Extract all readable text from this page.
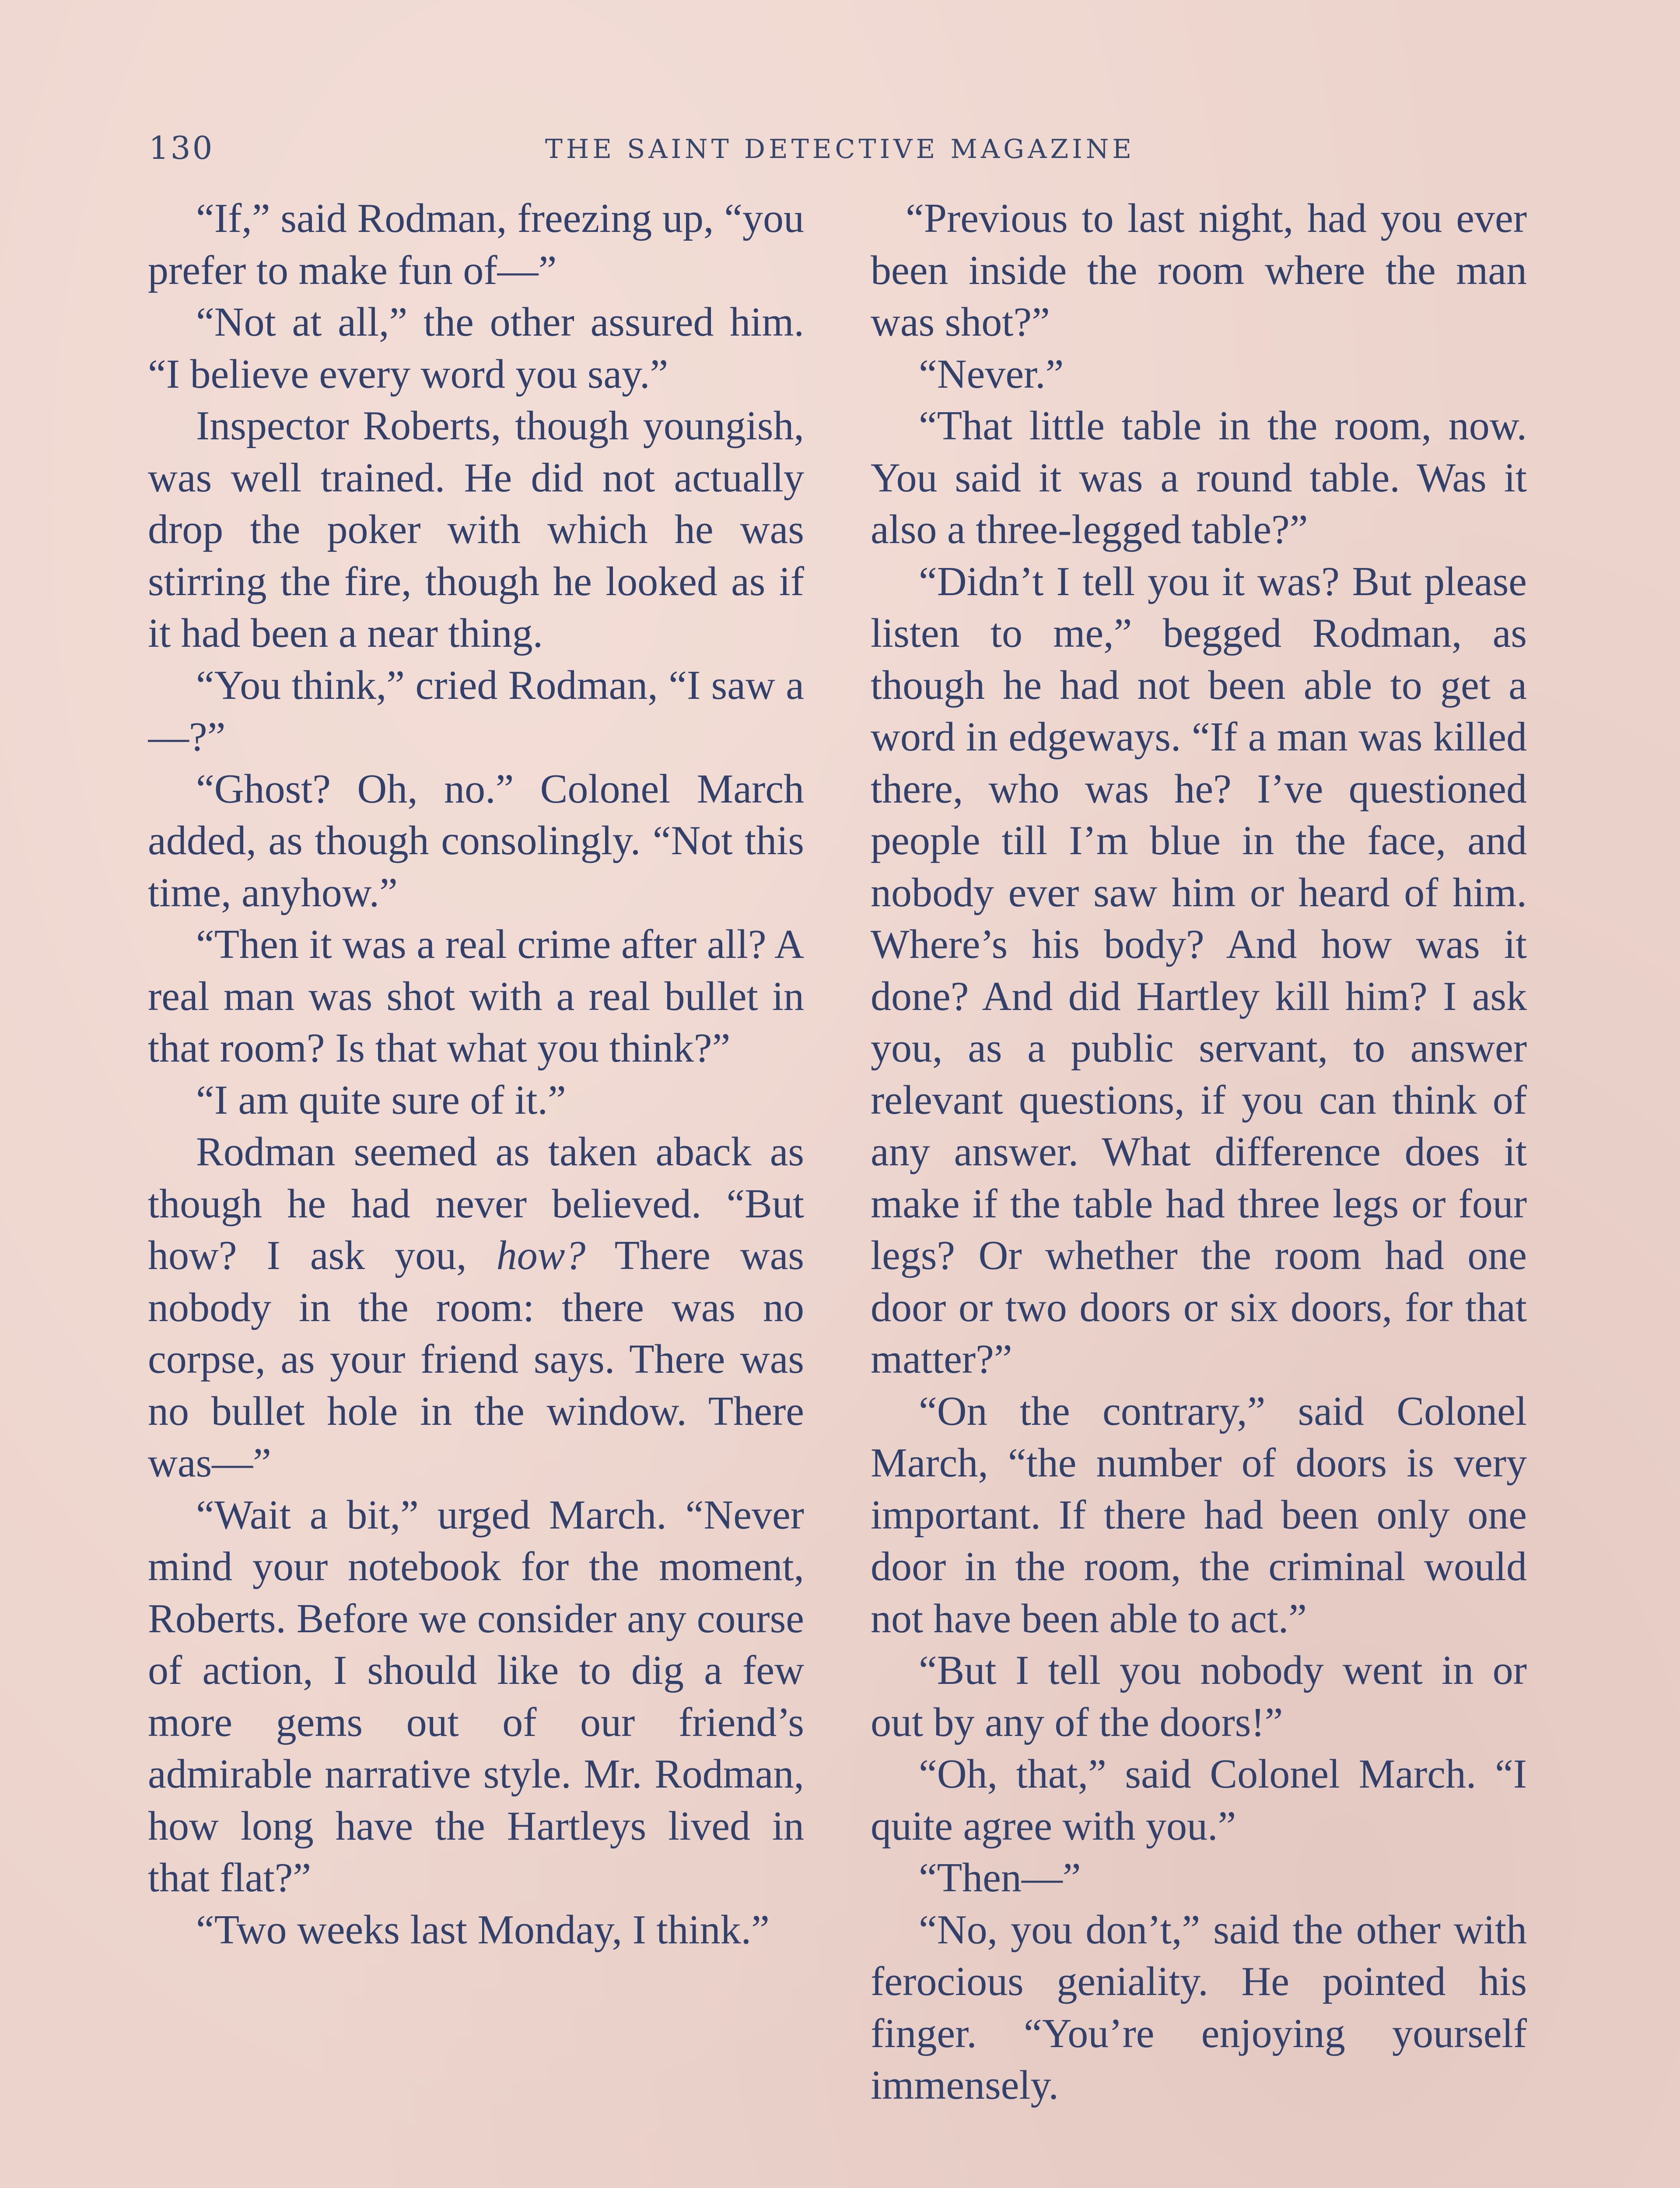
130	THE SAINT DETECTIVE MAGAZINE

“If,” said Rodman, freezing up, “you prefer to make fun of—”

“Not at all,” the other assured him. “I believe every word you say.”

Inspector Roberts, though youngish, was well trained. He did not actually drop the poker with which he was stirring the fire, though he looked as if it had been a near thing.

“You think,” cried Rodman, “I saw a—?”

“Ghost? Oh, no.” Colonel March added, as though consolingly. “Not this time, anyhow.”

“Then it was a real crime after all? A real man was shot with a real bullet in that room? Is that what you think?”

“I am quite sure of it.”

Rodman seemed as taken aback as though he had never believed. “But how? I ask you, how? There was nobody in the room: there was no corpse, as your friend says. There was no bullet hole in the window. There was—”

“Wait a bit,” urged March. “Never mind your notebook for the moment, Roberts. Before we consider any course of action, I should like to dig a few more gems out of our friend’s admirable narrative style. Mr. Rodman, how long have the Hartleys lived in that flat?”

“Two weeks last Monday, I think.”

“Previous to last night, had you ever been inside the room where the man was shot?”

“Never.”

“That little table in the room, now. You said it was a round table. Was it also a three-legged table?”

“Didn’t I tell you it was? But please listen to me,” begged Rodman, as though he had not been able to get a word in edgeways. “If a man was killed there, who was he? I’ve questioned people till I’m blue in the face, and nobody ever saw him or heard of him. Where’s his body? And how was it done? And did Hartley kill him? I ask you, as a public servant, to answer relevant questions, if you can think of any answer. What difference does it make if the table had three legs or four legs? Or whether the room had one door or two doors or six doors, for that matter?”

“On the contrary,” said Colonel March, “the number of doors is very important. If there had been only one door in the room, the criminal would not have been able to act.”

“But I tell you nobody went in or out by any of the doors!”

“Oh, that,” said Colonel March. “I quite agree with you.”

“Then—”

“No, you don’t,” said the other with ferocious geniality. He pointed his finger. “You’re enjoying yourself immensely.
